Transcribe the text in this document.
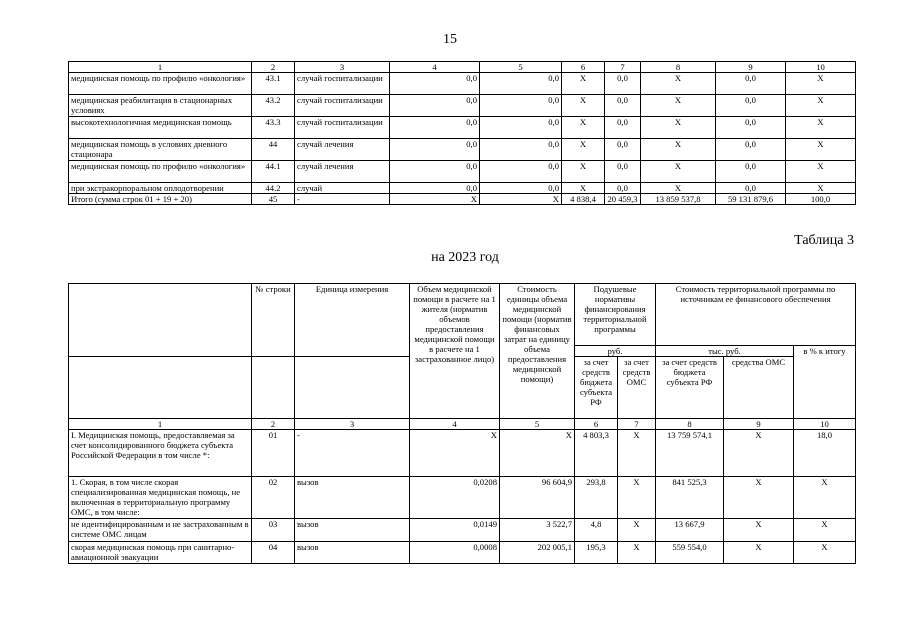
15
1	2	3	4	5	6	7	8	9	10
медицинская помощь по профилю «онкология»	43.1	случай госпитализации	0,0	0,0	X	0,0	X	0,0	X
медицинская реабилитация в стационарных условиях	43.2	случай госпитализации	0,0	0,0	X	0,0	X	0,0	X
высокотехнологичная медицинская помощь	43.3	случай госпитализации	0,0	0,0	X	0,0	X	0,0	X
медицинская помощь в условиях дневного стационара	44	случай лечения	0,0	0,0	X	0,0	X	0,0	X
медицинская помощь по профилю «онкология»	44.1	случай лечения	0,0	0,0	X	0,0	X	0,0	X
при экстракорпоральном оплодотворении	44.2	случай	0,0	0,0	X	0,0	X	0,0	X
Итого (сумма строк 01 + 19 + 20)	45	-	X	X	4 838,4	20 459,3	13 859 537,8	59 131 879,6	100,0
Таблица 3
на 2023 год
	№ строки	Единица измерения	Объем медицинской помощи в расчете на 1 жителя (норматив объемов предоставления медицинской помощи в расчете на 1 застрахованное лицо)	Стоимость единицы объема медицинской помощи (норматив финансовых затрат на единицу объема предоставления медицинской помощи)	Подушевые нормативы финансирования территориальной программы		Стоимость территориальной программы по источникам ее финансового обеспечения		
					руб.		тыс. руб.		в % к итогу
					за счет средств бюджета субъекта РФ	за счет средств ОМС	за счет средств бюджета субъекта РФ	средства ОМС	
1	2	3	4	5	6	7	8	9	10
I. Медицинская помощь, предоставляемая за счет консолидированного бюджета субъекта Российской Федерации в том числе *:	01	-	X	X	4 803,3	X	13 759 574,1	X	18,0
1. Скорая, в том числе скорая специализированная медицинская помощь, не включенная в территориальную программу ОМС, в том числе:	02	вызов	0,0208	96 604,9	293,8	X	841 525,3	X	X
не идентифицированным и не застрахованным в системе ОМС лицам	03	вызов	0,0149	3 522,7	4,8	X	13 667,9	X	X
скорая медицинская помощь при санитарно-авиационной эвакуации	04	вызов	0,0008	202 005,1	195,3	X	559 554,0	X	X
